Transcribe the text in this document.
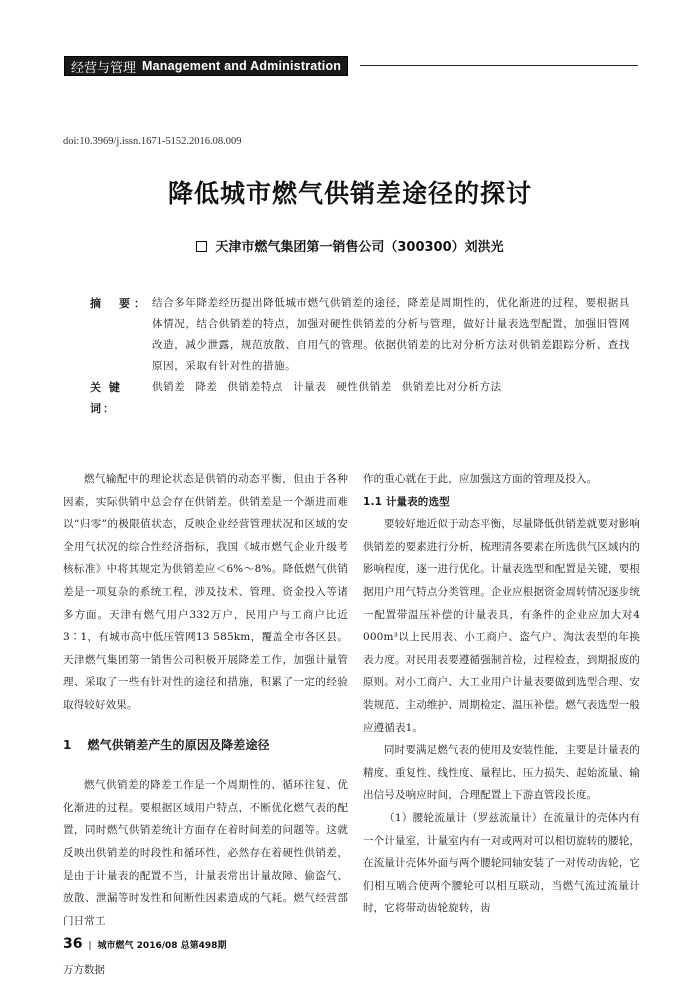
经营与管理 Management and Administration
doi:10.3969/j.issn.1671-5152.2016.08.009
降低城市燃气供销差途径的探讨
天津市燃气集团第一销售公司（300300）刘洪光
摘 要： 结合多年降差经历提出降低城市燃气供销差的途径，降差是周期性的，优化渐进的过程，要根据具体情况，结合供销差的特点，加强对硬性供销差的分析与管理，做好计量表选型配置，加强旧管网改造，减少泄露，规范放散、自用气的管理。依据供销差的比对分析方法对供销差跟踪分析、查找原因，采取有针对性的措施。
关 键 词：
供销差 降差 供销差特点 计量表 硬性供销差 供销差比对分析方法

燃气输配中的理论状态是供销的动态平衡，但由于各种因素，实际供销中总会存在供销差。供销差是一个渐进而难以“归零”的极限值状态，反映企业经营管理状况和区域的安全用气状况的综合性经济指标，我国《城市燃气企业升级考核标准》中将其规定为供销差应＜6%～8%。降低燃气供销差是一项复杂的系统工程，涉及技术、管理、资金投入等诸多方面。天津有燃气用户332万户，民用户与工商户比近3∶1，有城市高中低压管网13 585km，覆盖全市各区县。天津燃气集团第一销售公司积极开展降差工作，加强计量管理、采取了一些有针对性的途径和措施，积累了一定的经验取得较好效果。

1 燃气供销差产生的原因及降差途径

燃气供销差的降差工作是一个周期性的、循环往复、优化渐进的过程。要根据区域用户特点，不断优化燃气表的配置，同时燃气供销差统计方面存在着时间差的问题等。这就反映出供销差的时段性和循环性，必然存在着硬性供销差，是由于计量表的配置不当，计量表常出计量故障、偷盗气、放散、泄漏等时发性和间断性因素造成的气耗。燃气经营部门日常工

作的重心就在于此，应加强这方面的管理及投入。

1.1 计量表的选型

要较好地近似于动态平衡，尽量降低供销差就要对影响供销差的要素进行分析，梳理清各要素在所选供气区域内的影响程度，逐一进行优化。计量表选型和配置是关键，要根据用户用气特点分类管理。企业应根据资金周转情况逐步统一配置带温压补偿的计量表具，有条件的企业应加大对4 000m³以上民用表、小工商户、盗气户、淘汰表型的年换表力度。对民用表要遵循强制首检，过程检查，到期报废的原则。对小工商户、大工业用户计量表要做到选型合理、安装规范、主动维护、周期检定、温压补偿。燃气表选型一般应遵循表1。

同时要满足燃气表的使用及安装性能，主要是计量表的精度、重复性、线性度、量程比、压力损失、起始流量、输出信号及响应时间，合理配置上下游直管段长度。

（1）腰轮流量计（罗兹流量计）在流量计的壳体内有一个计量室，计量室内有一对或两对可以相切旋转的腰轮，在流量计壳体外面与两个腰轮同轴安装了一对传动齿轮，它们相互啮合使两个腰轮可以相互联动，当燃气流过流量计时，它将带动齿轮旋转，齿

36 | 城市燃气 2016/08 总第498期
万方数据
